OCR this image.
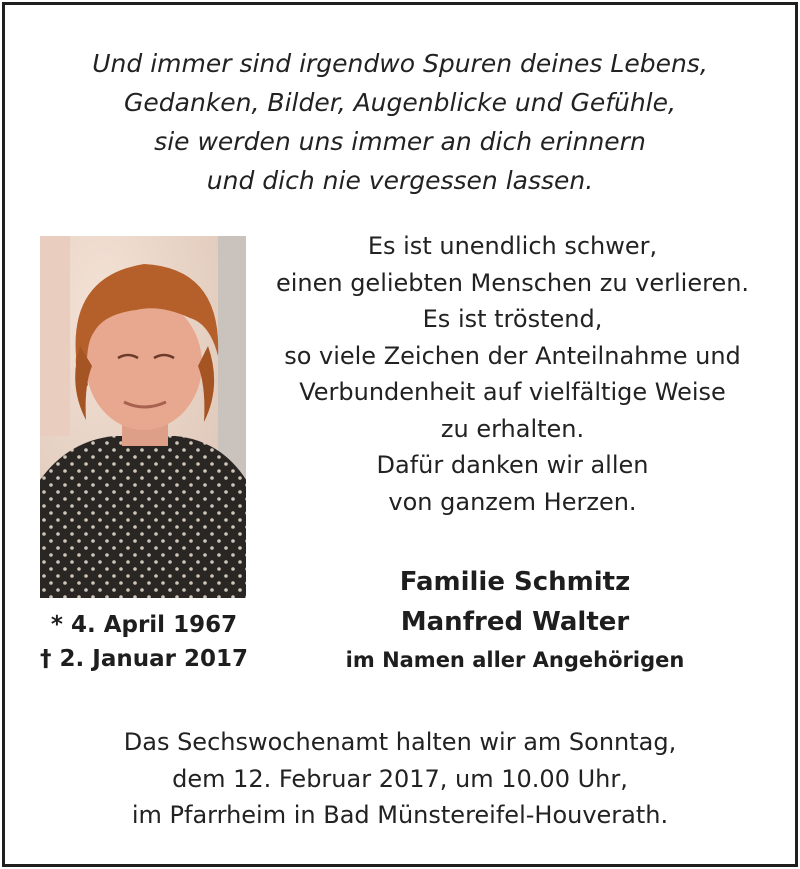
Und immer sind irgendwo Spuren deines Lebens,
Gedanken, Bilder, Augenblicke und Gefühle,
sie werden uns immer an dich erinnern
und dich nie vergessen lassen.
Es ist unendlich schwer,
einen geliebten Menschen zu verlieren.
Es ist tröstend,
so viele Zeichen der Anteilnahme und
Verbundenheit auf vielfältige Weise
zu erhalten.
Dafür danken wir allen
von ganzem Herzen.
* 4. April 1967
† 2. Januar 2017
Familie Schmitz
Manfred Walter
im Namen aller Angehörigen
Das Sechswochenamt halten wir am Sonntag,
dem 12. Februar 2017, um 10.00 Uhr,
im Pfarrheim in Bad Münstereifel-Houverath.
